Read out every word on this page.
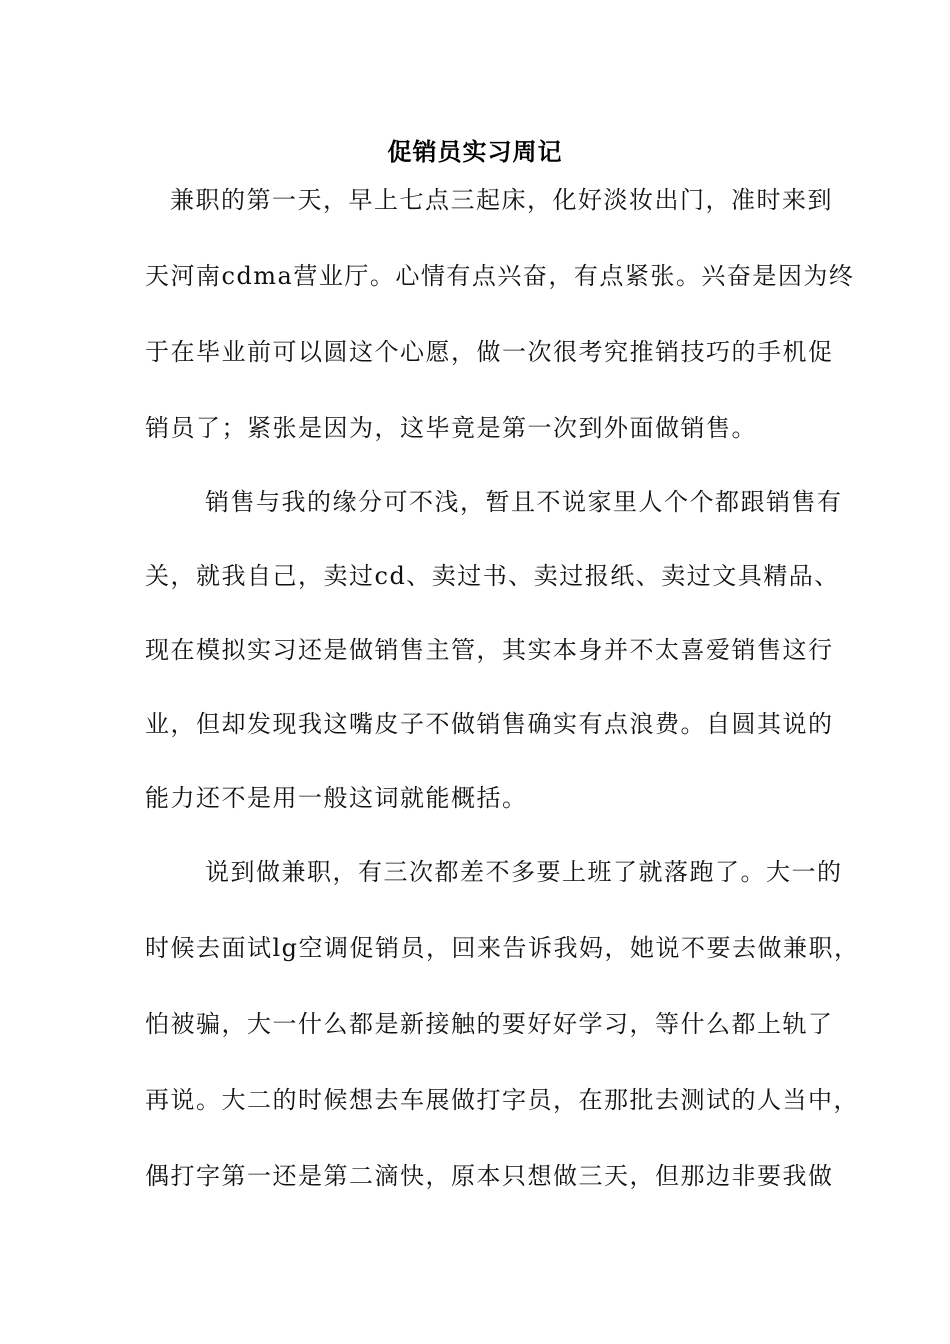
促销员实习周记
兼职的第一天，早上七点三起床，化好淡妆出门，准时来到
天河南cdma营业厅。心情有点兴奋，有点紧张。兴奋是因为终
于在毕业前可以圆这个心愿，做一次很考究推销技巧的手机促
销员了；紧张是因为，这毕竟是第一次到外面做销售。
销售与我的缘分可不浅，暂且不说家里人个个都跟销售有
关，就我自己，卖过cd、卖过书、卖过报纸、卖过文具精品、
现在模拟实习还是做销售主管，其实本身并不太喜爱销售这行
业，但却发现我这嘴皮子不做销售确实有点浪费。自圆其说的
能力还不是用一般这词就能概括。
说到做兼职，有三次都差不多要上班了就落跑了。大一的
时候去面试lg空调促销员，回来告诉我妈，她说不要去做兼职，
怕被骗，大一什么都是新接触的要好好学习，等什么都上轨了
再说。大二的时候想去车展做打字员，在那批去测试的人当中，
偶打字第一还是第二滴快，原本只想做三天，但那边非要我做
